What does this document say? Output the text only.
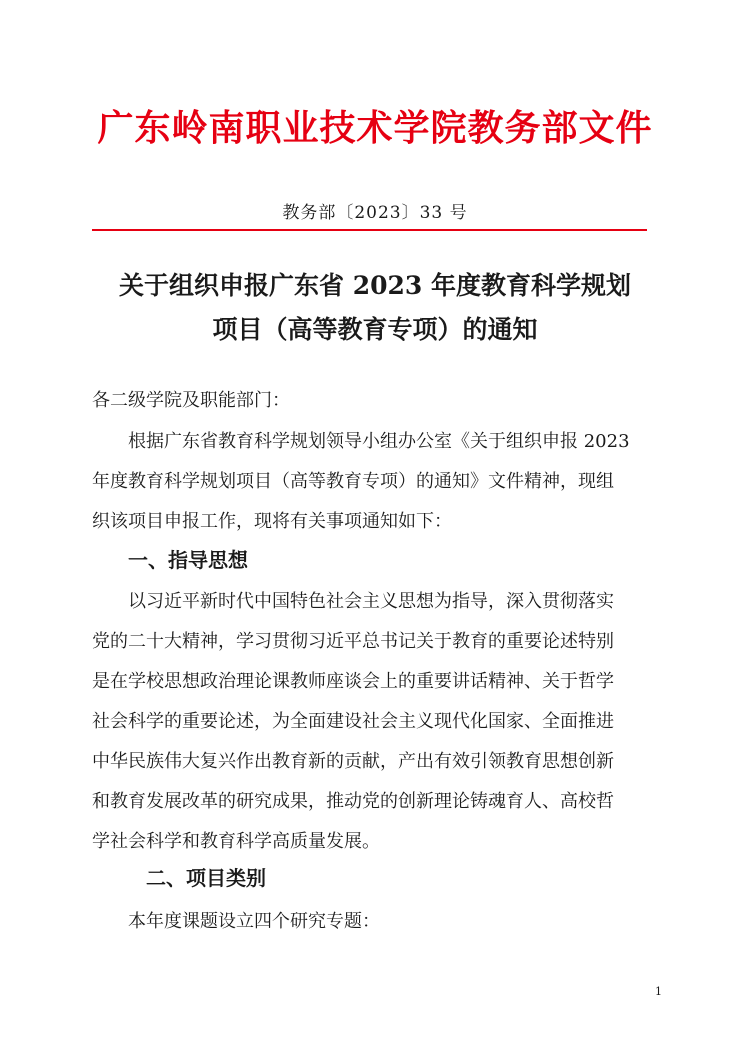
广东岭南职业技术学院教务部文件
教务部〔2023〕33 号
关于组织申报广东省 2023 年度教育科学规划
项目（高等教育专项）的通知
各二级学院及职能部门：
根据广东省教育科学规划领导小组办公室《关于组织申报 2023
年度教育科学规划项目（高等教育专项）的通知》文件精神，现组
织该项目申报工作，现将有关事项通知如下：
一、指导思想
以习近平新时代中国特色社会主义思想为指导，深入贯彻落实
党的二十大精神，学习贯彻习近平总书记关于教育的重要论述特别
是在学校思想政治理论课教师座谈会上的重要讲话精神、关于哲学
社会科学的重要论述，为全面建设社会主义现代化国家、全面推进
中华民族伟大复兴作出教育新的贡献，产出有效引领教育思想创新
和教育发展改革的研究成果，推动党的创新理论铸魂育人、高校哲
学社会科学和教育科学高质量发展。
二、项目类别
本年度课题设立四个研究专题：
1
